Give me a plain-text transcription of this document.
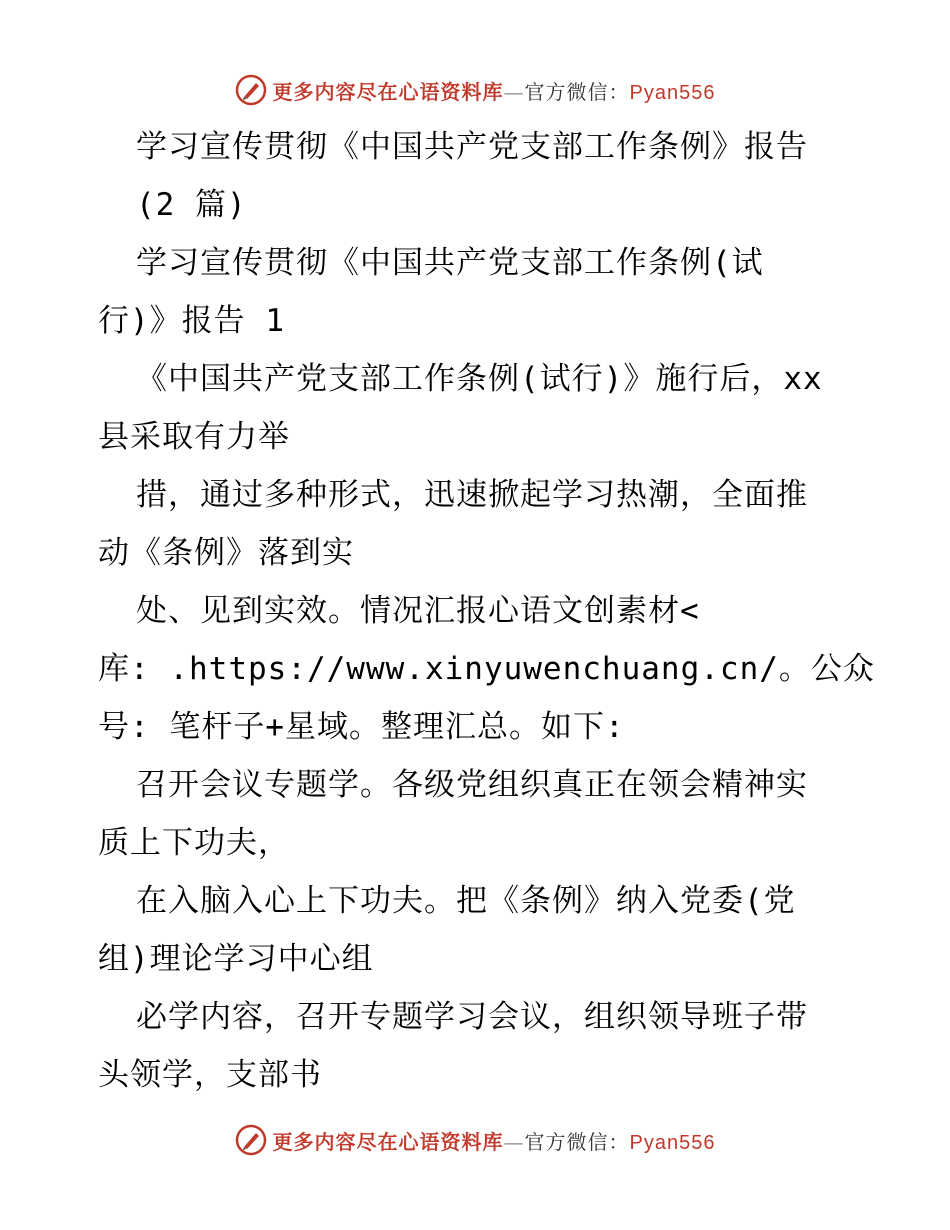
更多内容尽在心语资料库—官方微信：Pyan556
学习宣传贯彻《中国共产党支部工作条例》报告
(2 篇)
学习宣传贯彻《中国共产党支部工作条例(试
行)》报告 1
《中国共产党支部工作条例(试行)》施行后，xx
县采取有力举
措，通过多种形式，迅速掀起学习热潮，全面推
动《条例》落到实
处、见到实效。情况汇报心语文创素材<
库: .https://www.xinyuwenchuang.cn/。公众
号: 笔杆子+星域。整理汇总。如下:
召开会议专题学。各级党组织真正在领会精神实
质上下功夫，
在入脑入心上下功夫。把《条例》纳入党委(党
组)理论学习中心组
必学内容，召开专题学习会议，组织领导班子带
头领学，支部书
更多内容尽在心语资料库—官方微信：Pyan556
